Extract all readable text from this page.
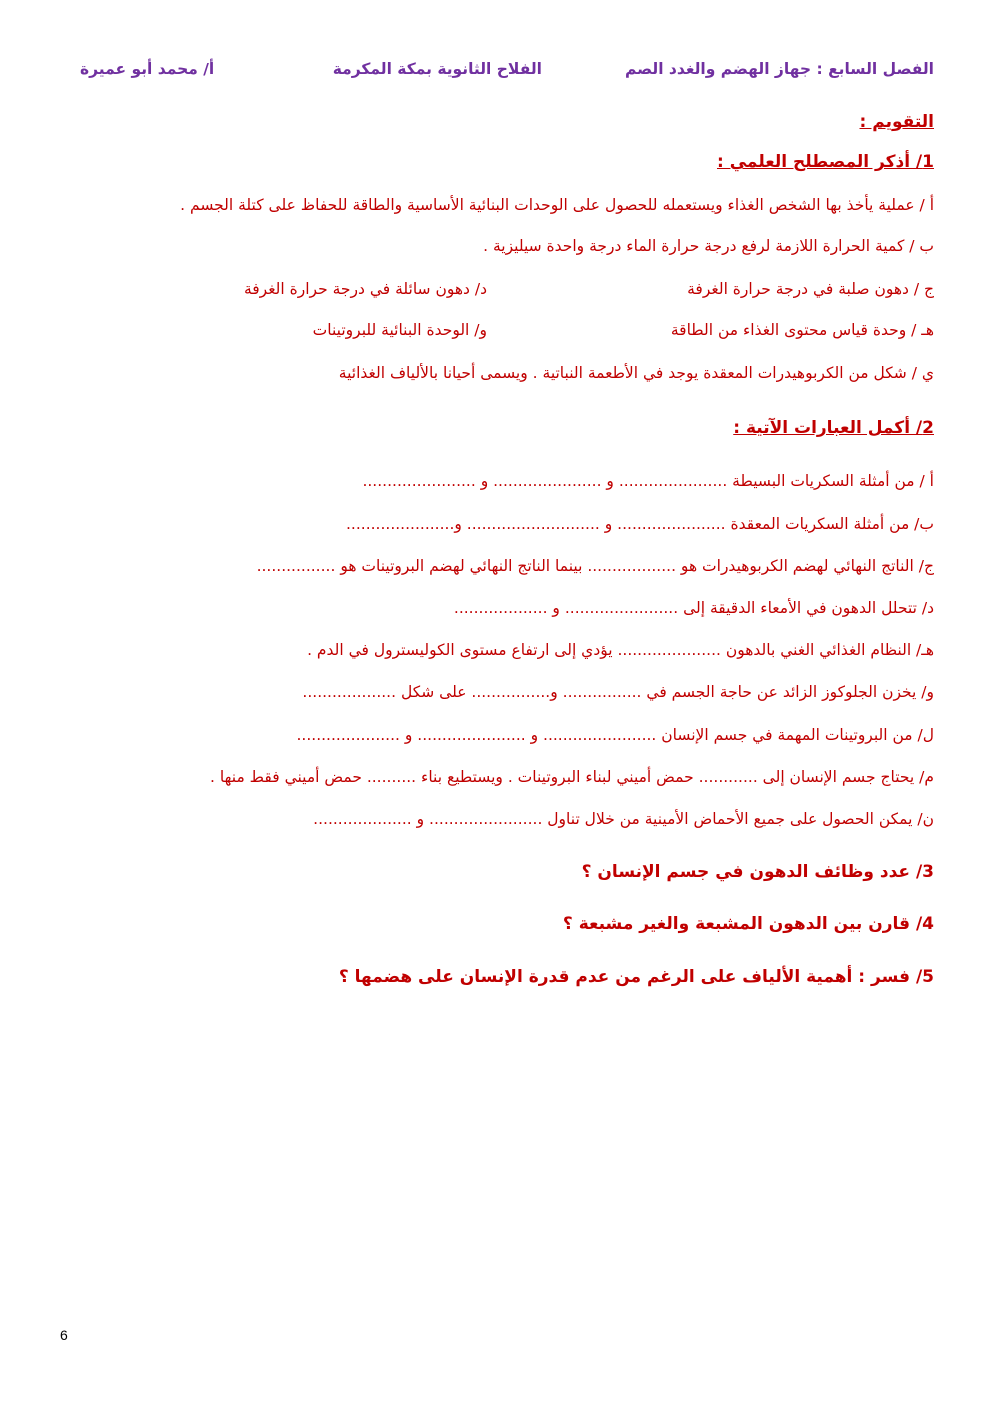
الفصل السابع : جهاز الهضم والغدد الصم
الفلاح الثانوية بمكة المكرمة
أ/ محمد أبو عميرة
التقويم :
1/ أذكر المصطلح العلمي :
أ / عملية يأخذ بها الشخص الغذاء ويستعمله للحصول على الوحدات البنائية الأساسية والطاقة للحفاظ على كتلة الجسم .
ب / كمية الحرارة اللازمة لرفع درجة حرارة الماء درجة واحدة سيليزية .
ج / دهون صلبة في درجة حرارة الغرفة
د/ دهون سائلة في درجة حرارة الغرفة
هـ / وحدة قياس محتوى الغذاء من الطاقة
و/ الوحدة البنائية للبروتينات
ي / شكل من الكربوهيدرات المعقدة يوجد في الأطعمة النباتية . ويسمى أحيانا بالألياف الغذائية
2/ أكمل العبارات الآتية :
أ / من أمثلة السكريات البسيطة ...................... و ...................... و .......................
ب/ من أمثلة السكريات المعقدة ...................... و ........................... و......................
ج/ الناتج النهائي لهضم الكربوهيدرات هو .................. بينما الناتج النهائي لهضم البروتينات هو ................
د/ تتحلل الدهون في الأمعاء الدقيقة إلى ....................... و ...................
هـ/ النظام الغذائي الغني بالدهون ..................... يؤدي إلى ارتفاع مستوى الكوليسترول في الدم .
و/ يخزن الجلوكوز الزائد عن حاجة الجسم في ................ و................ على شكل ...................
ل/ من البروتينات المهمة في جسم الإنسان ....................... و ...................... و .....................
م/ يحتاج جسم الإنسان إلى ............ حمض أميني لبناء البروتينات . ويستطيع بناء .......... حمض أميني فقط منها .
ن/ يمكن الحصول على جميع الأحماض الأمينية من خلال تناول ....................... و ....................
3/ عدد وظائف الدهون في جسم الإنسان ؟
4/ قارن بين الدهون المشبعة والغير مشبعة ؟
5/ فسر : أهمية الألياف على الرغم من عدم قدرة الإنسان على هضمها ؟
6
